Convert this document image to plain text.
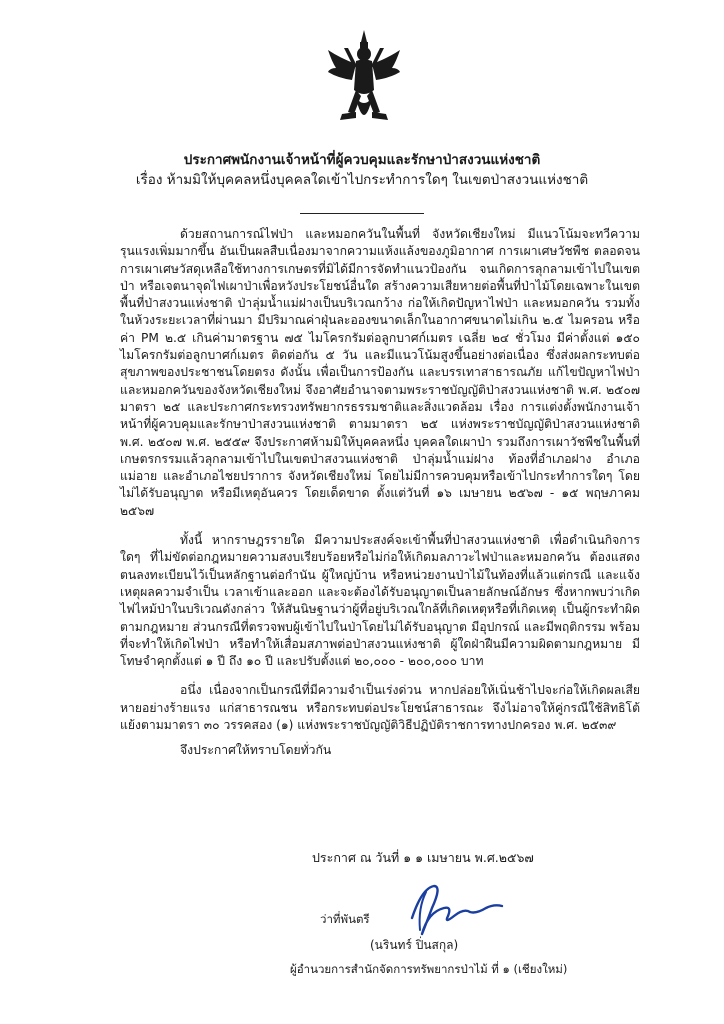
ประกาศพนักงานเจ้าหน้าที่ผู้ควบคุมและรักษาป่าสงวนแห่งชาติ
เรื่อง ห้ามมิให้บุคคลหนึ่งบุคคลใดเข้าไปกระทำการใดๆ ในเขตป่าสงวนแห่งชาติ

ด้วยสถานการณ์ไฟป่า และหมอกควันในพื้นที่ จังหวัดเชียงใหม่ มีแนวโน้มจะทวีความรุนแรงเพิ่มมากขึ้น อันเป็นผลสืบเนื่องมาจากความแห้งแล้งของภูมิอากาศ การเผาเศษวัชพืช ตลอดจนการเผาเศษวัสดุเหลือใช้ทางการเกษตรที่มิได้มีการจัดทำแนวป้องกัน จนเกิดการลุกลามเข้าไปในเขตป่า หรือเจตนาจุดไฟเผาป่าเพื่อหวังประโยชน์อื่นใด สร้างความเสียหายต่อพื้นที่ป่าไม้โดยเฉพาะในเขตพื้นที่ป่าสงวนแห่งชาติ ป่าลุ่มน้ำแม่ฝางเป็นบริเวณกว้าง ก่อให้เกิดปัญหาไฟป่า และหมอกควัน รวมทั้งในห้วงระยะเวลาที่ผ่านมา มีปริมาณค่าฝุ่นละอองขนาดเล็กในอากาศขนาดไม่เกิน ๒.๕ ไมครอน หรือค่า PM ๒.๕ เกินค่ามาตรฐาน ๗๕ ไมโครกรัมต่อลูกบาศก์เมตร เฉลี่ย ๒๔ ชั่วโมง มีค่าตั้งแต่ ๑๕๐ ไมโครกรัมต่อลูกบาศก์เมตร ติดต่อกัน ๕ วัน และมีแนวโน้มสูงขึ้นอย่างต่อเนื่อง ซึ่งส่งผลกระทบต่อสุขภาพของประชาชนโดยตรง ดังนั้น เพื่อเป็นการป้องกัน และบรรเทาสาธารณภัย แก้ไขปัญหาไฟป่า และหมอกควันของจังหวัดเชียงใหม่ จึงอาศัยอำนาจตามพระราชบัญญัติป่าสงวนแห่งชาติ พ.ศ. ๒๕๐๗ มาตรา ๒๕ และประกาศกระทรวงทรัพยากรธรรมชาติและสิ่งแวดล้อม เรื่อง การแต่งตั้งพนักงานเจ้าหน้าที่ผู้ควบคุมและรักษาป่าสงวนแห่งชาติ ตามมาตรา ๒๕ แห่งพระราชบัญญัติป่าสงวนแห่งชาติ พ.ศ. ๒๕๐๗ พ.ศ. ๒๕๕๙ จึงประกาศห้ามมิให้บุคคลหนึ่ง บุคคลใดเผาป่า รวมถึงการเผาวัชพืชในพื้นที่เกษตรกรรมแล้วลุกลามเข้าไปในเขตป่าสงวนแห่งชาติ ป่าลุ่มน้ำแม่ฝาง ท้องที่อำเภอฝาง อำเภอแม่อาย และอำเภอไชยปราการ จังหวัดเชียงใหม่ โดยไม่มีการควบคุมหรือเข้าไปกระทำการใดๆ โดยไม่ได้รับอนุญาต หรือมีเหตุอันควร โดยเด็ดขาด ตั้งแต่วันที่ ๑๖ เมษายน ๒๕๖๗ - ๑๕ พฤษภาคม ๒๕๖๗

ทั้งนี้ หากราษฎรรายใด มีความประสงค์จะเข้าพื้นที่ป่าสงวนแห่งชาติ เพื่อดำเนินกิจการใดๆ ที่ไม่ขัดต่อกฎหมายความสงบเรียบร้อยหรือไม่ก่อให้เกิดมลภาวะไฟป่าและหมอกควัน ต้องแสดงตนลงทะเบียนไว้เป็นหลักฐานต่อกำนัน ผู้ใหญ่บ้าน หรือหน่วยงานป่าไม้ในท้องที่แล้วแต่กรณี และแจ้งเหตุผลความจำเป็น เวลาเข้าและออก และจะต้องได้รับอนุญาตเป็นลายลักษณ์อักษร ซึ่งหากพบว่าเกิดไฟไหม้ป่าในบริเวณดังกล่าว ให้สันนิษฐานว่าผู้ที่อยู่บริเวณใกล้ที่เกิดเหตุหรือที่เกิดเหตุ เป็นผู้กระทำผิดตามกฎหมาย ส่วนกรณีที่ตรวจพบผู้เข้าไปในป่าโดยไม่ได้รับอนุญาต มีอุปกรณ์ และมีพฤติกรรม พร้อมที่จะทำให้เกิดไฟป่า หรือทำให้เสื่อมสภาพต่อป่าสงวนแห่งชาติ ผู้ใดฝ่าฝืนมีความผิดตามกฎหมาย มีโทษจำคุกตั้งแต่ ๑ ปี ถึง ๑๐ ปี และปรับตั้งแต่ ๒๐,๐๐๐ - ๒๐๐,๐๐๐ บาท

อนึ่ง เนื่องจากเป็นกรณีที่มีความจำเป็นเร่งด่วน หากปล่อยให้เนิ่นช้าไปจะก่อให้เกิดผลเสียหายอย่างร้ายแรง แก่สาธารณชน หรือกระทบต่อประโยชน์สาธารณะ จึงไม่อาจให้คู่กรณีใช้สิทธิโต้แย้งตามมาตรา ๓๐ วรรคสอง (๑) แห่งพระราชบัญญัติวิธีปฏิบัติราชการทางปกครอง พ.ศ. ๒๕๓๙

จึงประกาศให้ทราบโดยทั่วกัน

ประกาศ ณ วันที่ ๑ ๑ เมษายน พ.ศ.๒๕๖๗
ว่าที่พันตรี
(นรินทร์ ปิ่นสกุล)
ผู้อำนวยการสำนักจัดการทรัพยากรป่าไม้ ที่ ๑ (เชียงใหม่)
